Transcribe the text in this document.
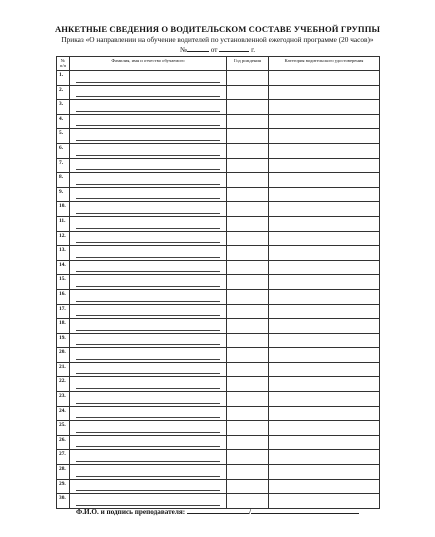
АНКЕТНЫЕ СВЕДЕНИЯ О ВОДИТЕЛЬСКОМ СОСТАВЕ УЧЕБНОЙ ГРУППЫ
Приказ «О направлении на обучение водителей по установленной ежегодной программе (20 часов)»
№	от	г.
№
п/п	Фамилия, имя и отчество обучаемого	Год рождения	Категория водительского удостоверения
1.	

2.	

3.	

4.	

5.	

6.	

7.	

8.	

9.	

10.	

11.	

12.	

13.	

14.	

15.	

16.	

17.	

18.	

19.	

20.	

21.	

22.	

23.	

24.	

25.	

26.	

27.	

28.	

29.	

30.	

Ф.И.О. и подпись преподавателя:	/
